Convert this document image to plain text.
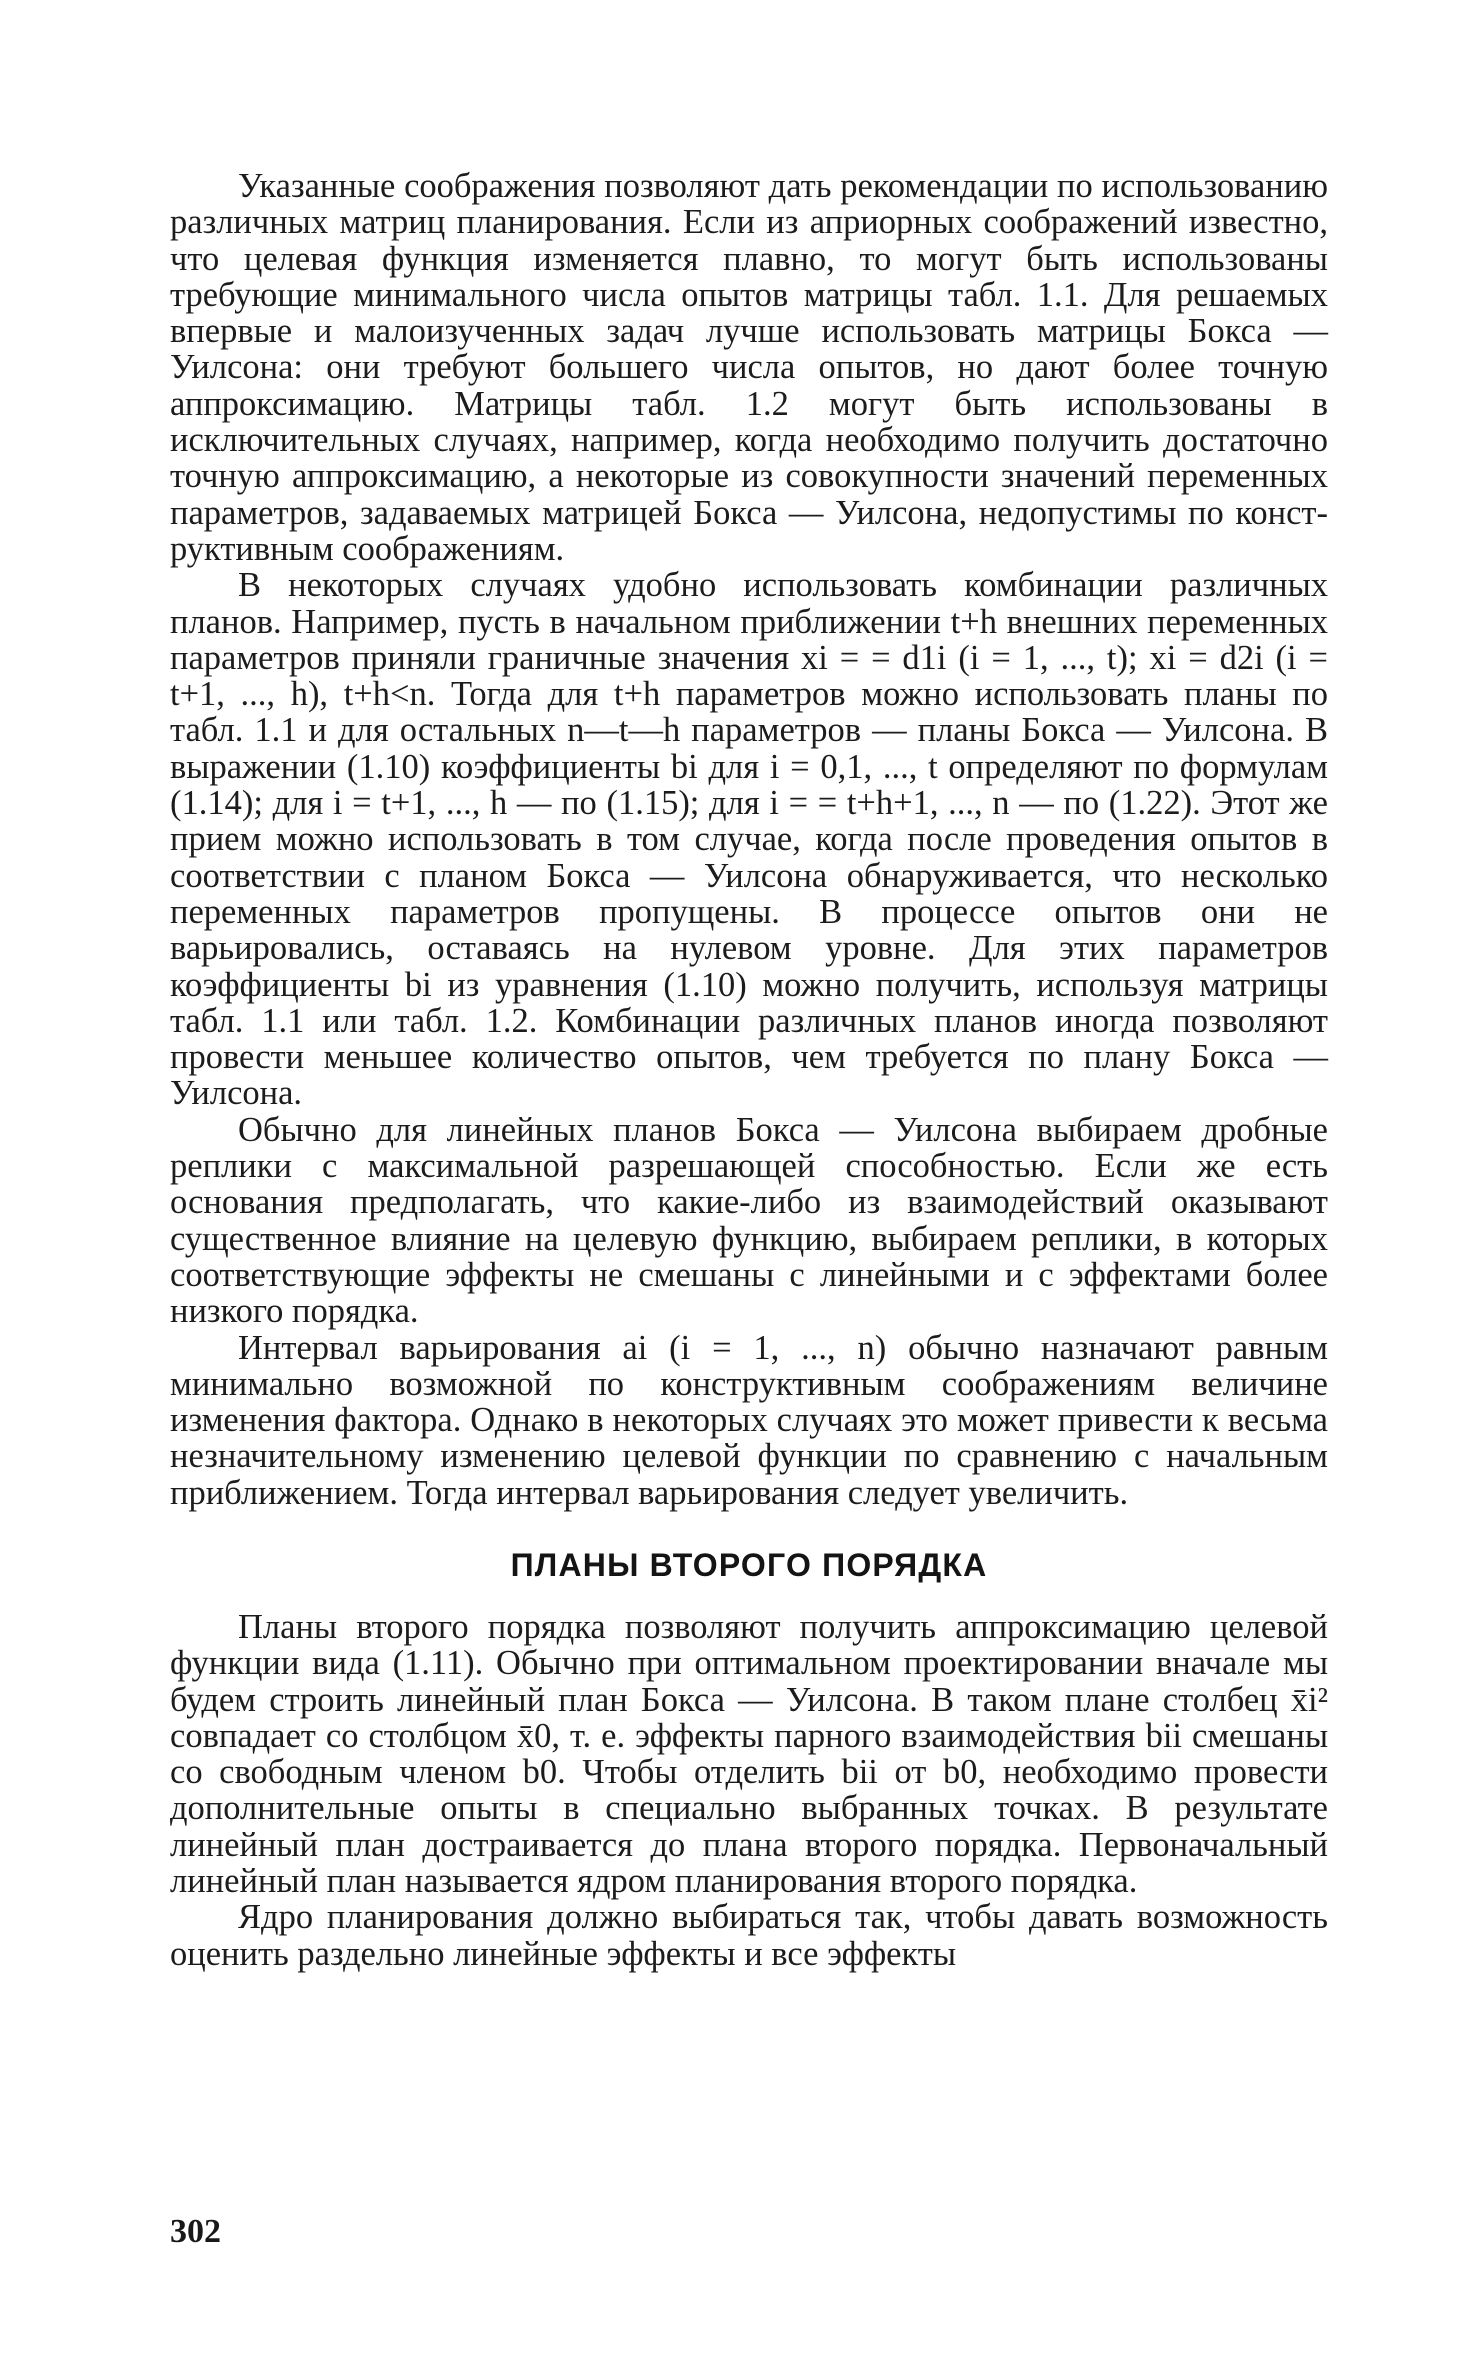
Указанные соображения позволяют дать рекомендации по использованию различных матриц планирования. Если из априорных соображений известно, что целевая функция изменяется плавно, то могут быть использованы требующие минимального числа опытов матрицы табл. 1.1. Для решаемых впервые и малоизученных задач лучше использовать матрицы Бокса — Уилсона: они требуют большего числа опытов, но дают более точную аппроксимацию. Матрицы табл. 1.2 могут быть использованы в исключительных случаях, например, когда необходимо получить достаточно точную аппроксимацию, а некоторые из совокупности значений переменных параметров, задаваемых матрицей Бокса — Уилсона, недопустимы по конструктивным соображениям.

В некоторых случаях удобно использовать комбинации различных планов. Например, пусть в начальном приближении t+h внешних переменных параметров приняли граничные значения xi = = d1i (i = 1, ..., t); xi = d2i (i = t+1, ..., h), t+h<n. Тогда для t+h параметров можно использовать планы по табл. 1.1 и для остальных n—t—h параметров — планы Бокса — Уилсона. В выражении (1.10) коэффициенты bi для i = 0,1, ..., t определяют по формулам (1.14); для i = t+1, ..., h — по (1.15); для i = = t+h+1, ..., n — по (1.22). Этот же прием можно использовать в том случае, когда после проведения опытов в соответствии с планом Бокса — Уилсона обнаруживается, что несколько переменных параметров пропущены. В процессе опытов они не варьировались, оставаясь на нулевом уровне. Для этих параметров коэффициенты bi из уравнения (1.10) можно получить, используя матрицы табл. 1.1 или табл. 1.2. Комбинации различных планов иногда позволяют провести меньшее количество опытов, чем требуется по плану Бокса — Уилсона.

Обычно для линейных планов Бокса — Уилсона выбираем дробные реплики с максимальной разрешающей способностью. Если же есть основания предполагать, что какие-либо из взаимодействий оказывают существенное влияние на целевую функцию, выбираем реплики, в которых соответствующие эффекты не смешаны с линейными и с эффектами более низкого порядка.

Интервал варьирования ai (i = 1, ..., n) обычно назначают равным минимально возможной по конструктивным соображениям величине изменения фактора. Однако в некоторых случаях это может привести к весьма незначительному изменению целевой функции по сравнению с начальным приближением. Тогда интервал варьирования следует увеличить.

ПЛАНЫ ВТОРОГО ПОРЯДКА

Планы второго порядка позволяют получить аппроксимацию целевой функции вида (1.11). Обычно при оптимальном проектировании вначале мы будем строить линейный план Бокса — Уилсона. В таком плане столбец x̄i² совпадает со столбцом x̄0, т. е. эффекты парного взаимодействия bii смешаны со свободным членом b0. Чтобы отделить bii от b0, необходимо провести дополнительные опыты в специально выбранных точках. В результате линейный план достраивается до плана второго порядка. Первоначальный линейный план называется ядром планирования второго порядка.

Ядро планирования должно выбираться так, чтобы давать возможность оценить раздельно линейные эффекты и все эффекты

302
